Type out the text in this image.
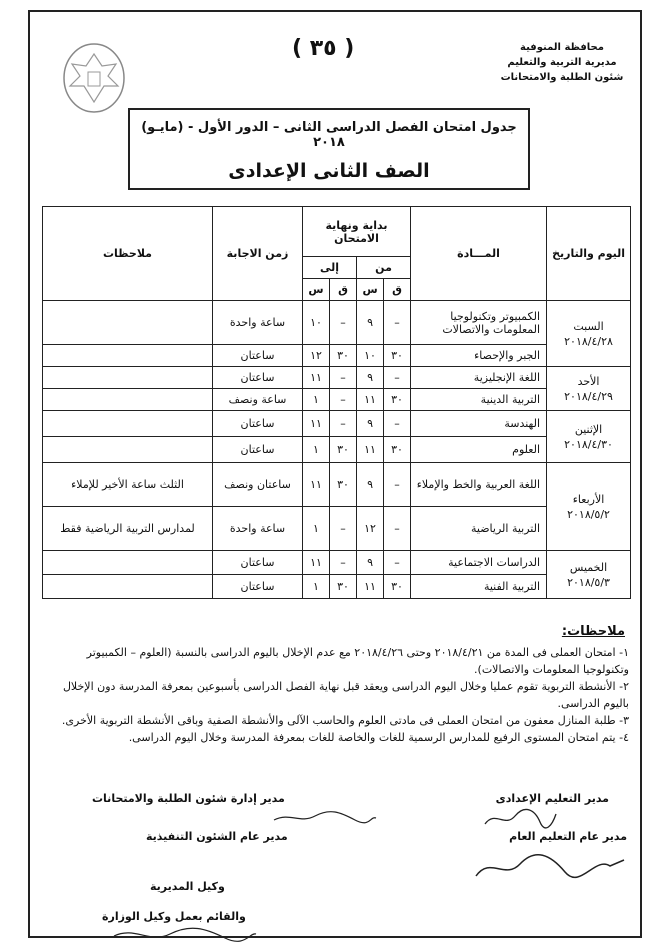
( ٣٥ )	محافظة المنوفية
مديرية التربية والتعليم
شئون الطلبة والامتحانات
جدول امتحان الفصل الدراسى الثانى – الدور الأول - (مايـو) ٢٠١٨
الصف الثانى الإعدادى
اليوم والتاريخ	المـــادة	بداية ونهاية الامتحان				زمن الاجابة	ملاحظات
		من		إلى			
		ق	س	ق	س		

السبت
٢٠١٨/٤/٢٨	الكمبيوتر وتكنولوجيا المعلومات والاتصالات	–	٩	–	١٠	ساعة واحدة	
	الجبر والإحصاء	٣٠	١٠	٣٠	١٢	ساعتان	

الأحد
٢٠١٨/٤/٢٩	اللغة الإنجليزية	–	٩	–	١١	ساعتان	
	التربية الدينية	٣٠	١١	–	١	ساعة ونصف	

الإثنين
٢٠١٨/٤/٣٠	الهندسة	–	٩	–	١١	ساعتان	
	العلوم	٣٠	١١	٣٠	١	ساعتان	

الأربعاء
٢٠١٨/٥/٢	اللغة العربية والخط والإملاء	–	٩	٣٠	١١	ساعتان ونصف	الثلث ساعة الأخير للإملاء
	التربية الرياضية	–	١٢	–	١	ساعة واحدة	لمدارس التربية الرياضية فقط

الخميس
٢٠١٨/٥/٣	الدراسات الاجتماعية	–	٩	–	١١	ساعتان	
	التربية الفنية	٣٠	١١	٣٠	١	ساعتان	
ملاحظات:

١- امتحان العملى فى المدة من ٢٠١٨/٤/٢١ وحتى ٢٠١٨/٤/٢٦ مع عدم الإخلال باليوم الدراسى بالنسبة (العلوم – الكمبيوتر وتكنولوجيا المعلومات والاتصالات).

٢- الأنشطة التربوية تقوم عمليا وخلال اليوم الدراسى ويعقد قبل نهاية الفصل الدراسى بأسبوعين بمعرفة المدرسة دون الإخلال باليوم الدراسى.

٣- طلبة المنازل معفون من امتحان العملى فى مادتى العلوم والحاسب الآلى والأنشطة الصفية وباقى الأنشطة التربوية الأخرى.

٤- يتم امتحان المستوى الرفيع للمدارس الرسمية للغات والخاصة للغات بمعرفة المدرسة وخلال اليوم الدراسى.

مدير التعليم الإعدادى
مدير إدارة شئون الطلبة والامتحانات
مدير عام التعليم العام
مدير عام الشئون التنفيذية
وكيل المديرية
والقائم بعمل وكيل الوزارة
